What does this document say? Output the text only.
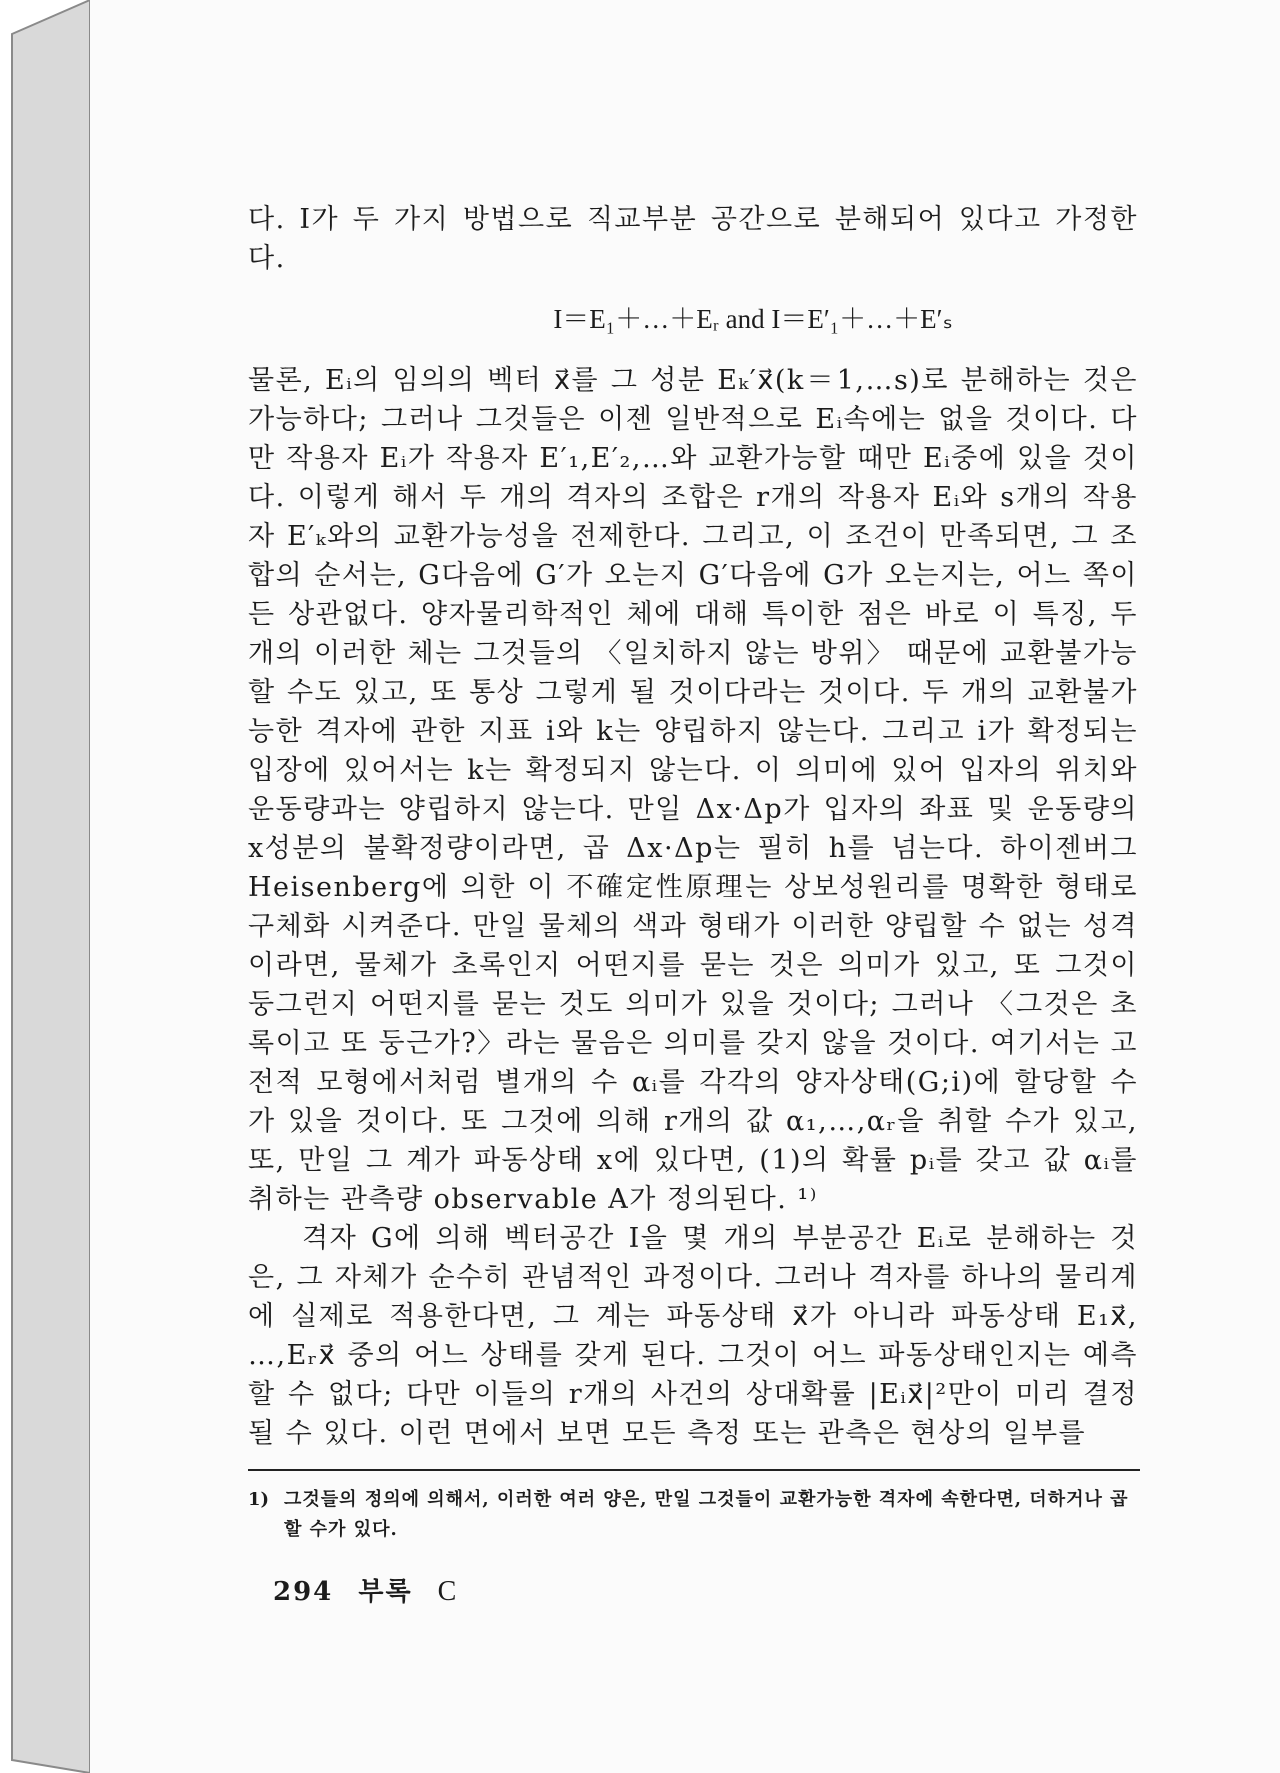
다. I가 두 가지 방법으로 직교부분 공간으로 분해되어 있다고 가정한다.

I＝E₁＋…＋Eᵣ and I＝E′₁＋…＋E′ₛ

물론, Eᵢ의 임의의 벡터 x⃗를 그 성분 Eₖ′x⃗(k＝1,…s)로 분해하는 것은 가능하다; 그러나 그것들은 이젠 일반적으로 Eᵢ속에는 없을 것이다. 다만 작용자 Eᵢ가 작용자 E′₁,E′₂,…와 교환가능할 때만 Eᵢ중에 있을 것이다. 이렇게 해서 두 개의 격자의 조합은 r개의 작용자 Eᵢ와 s개의 작용자 E′ₖ와의 교환가능성을 전제한다. 그리고, 이 조건이 만족되면, 그 조합의 순서는, G다음에 G′가 오는지 G′다음에 G가 오는지는, 어느 쪽이든 상관없다. 양자물리학적인 체에 대해 특이한 점은 바로 이 특징, 두 개의 이러한 체는 그것들의 〈일치하지 않는 방위〉 때문에 교환불가능할 수도 있고, 또 통상 그렇게 될 것이다라는 것이다. 두 개의 교환불가능한 격자에 관한 지표 i와 k는 양립하지 않는다. 그리고 i가 확정되는 입장에 있어서는 k는 확정되지 않는다. 이 의미에 있어 입자의 위치와 운동량과는 양립하지 않는다. 만일 Δx·Δp가 입자의 좌표 및 운동량의 x성분의 불확정량이라면, 곱 Δx·Δp는 필히 h를 넘는다. 하이젠버그 Heisenberg에 의한 이 不確定性原理는 상보성원리를 명확한 형태로 구체화 시켜준다. 만일 물체의 색과 형태가 이러한 양립할 수 없는 성격이라면, 물체가 초록인지 어떤지를 묻는 것은 의미가 있고, 또 그것이 둥그런지 어떤지를 묻는 것도 의미가 있을 것이다; 그러나 〈그것은 초록이고 또 둥근가?〉라는 물음은 의미를 갖지 않을 것이다. 여기서는 고전적 모형에서처럼 별개의 수 αᵢ를 각각의 양자상태(G;i)에 할당할 수가 있을 것이다. 또 그것에 의해 r개의 값 α₁,…,αᵣ을 취할 수가 있고, 또, 만일 그 계가 파동상태 x에 있다면, (1)의 확률 pᵢ를 갖고 값 αᵢ를 취하는 관측량 observable A가 정의된다. ¹⁾

격자 G에 의해 벡터공간 I을 몇 개의 부분공간 Eᵢ로 분해하는 것은, 그 자체가 순수히 관념적인 과정이다. 그러나 격자를 하나의 물리계에 실제로 적용한다면, 그 계는 파동상태 x⃗가 아니라 파동상태 E₁x⃗, …,Eᵣx⃗ 중의 어느 상태를 갖게 된다. 그것이 어느 파동상태인지는 예측할 수 없다; 다만 이들의 r개의 사건의 상대확률 |Eᵢx⃗|²만이 미리 결정될 수 있다. 이런 면에서 보면 모든 측정 또는 관측은 현상의 일부를

1) 그것들의 정의에 의해서, 이러한 여러 양은, 만일 그것들이 교환가능한 격자에 속한다면, 더하거나 곱할 수가 있다.
294 부록 C
